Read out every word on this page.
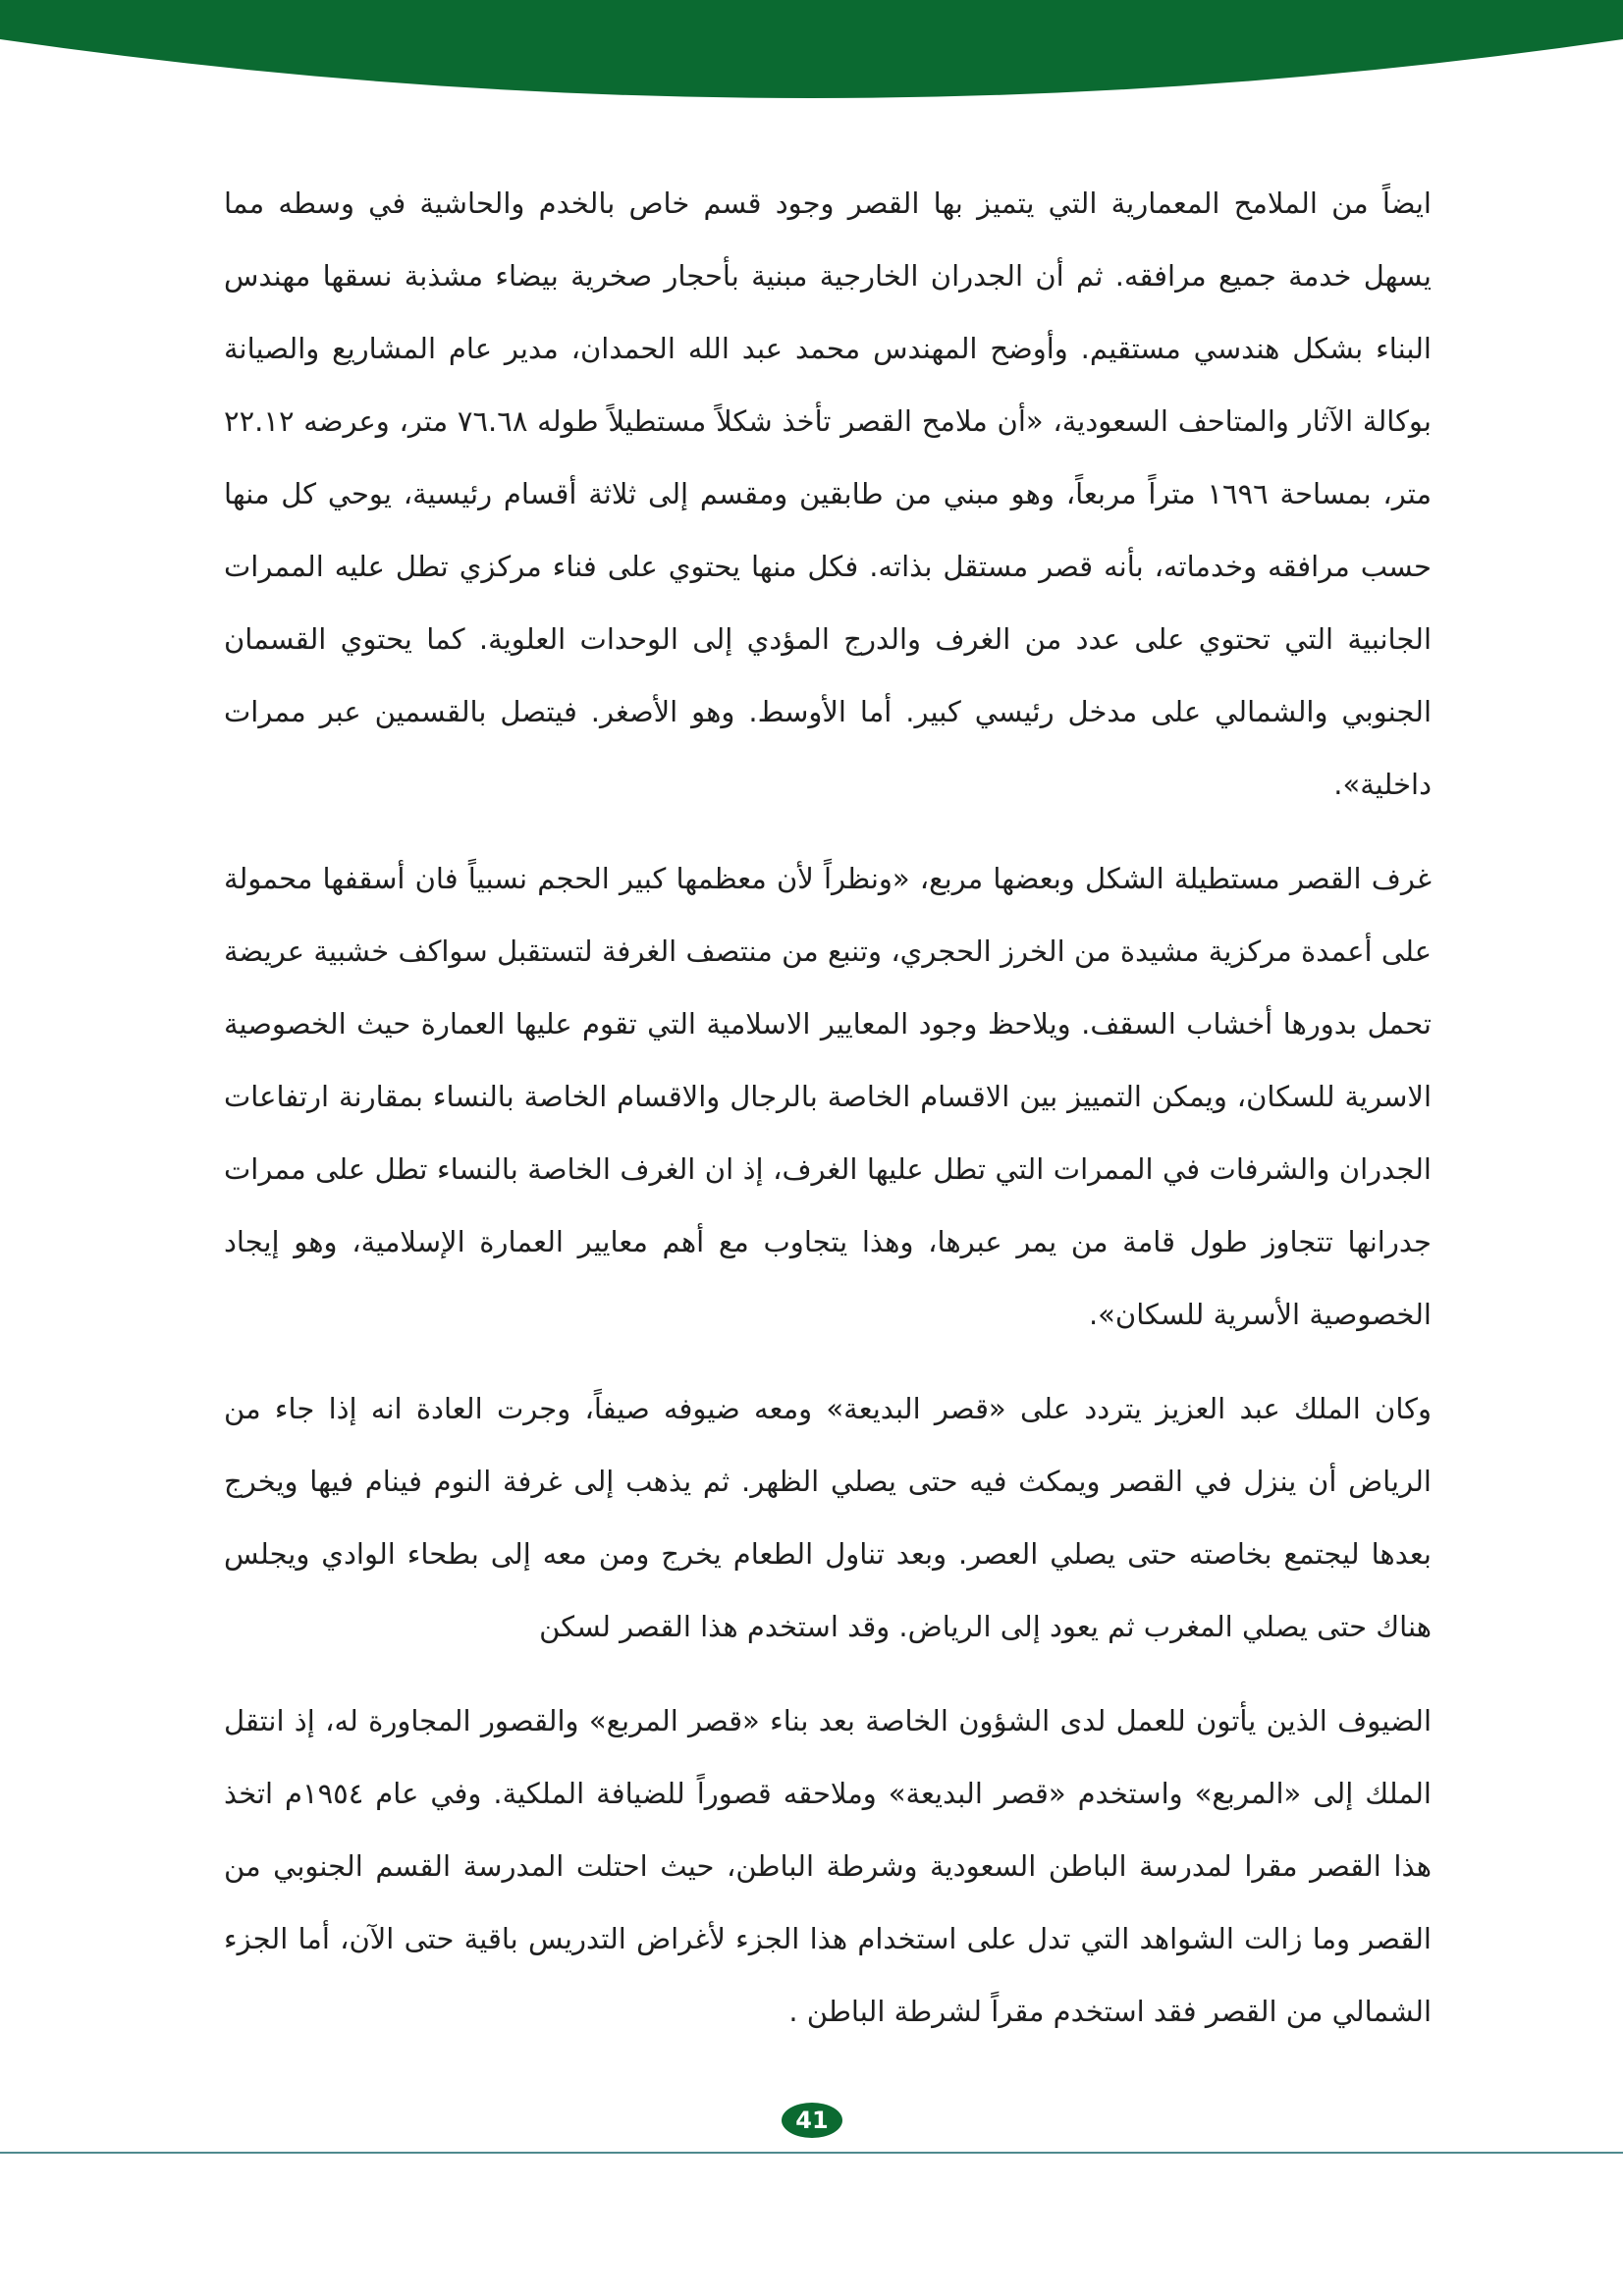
ايضاً من الملامح المعمارية التي يتميز بها القصر وجود قسم خاص بالخدم والحاشية في وسطه مما يسهل خدمة جميع مرافقه. ثم أن الجدران الخارجية مبنية بأحجار صخرية بيضاء مشذبة نسقها مهندس البناء بشكل هندسي مستقيم. وأوضح المهندس محمد عبد الله الحمدان، مدير عام المشاريع والصيانة بوكالة الآثار والمتاحف السعودية، «أن ملامح القصر تأخذ شكلاً مستطيلاً طوله ٧٦.٦٨ متر، وعرضه ٢٢.١٢ متر، بمساحة ١٦٩٦ متراً مربعاً، وهو مبني من طابقين ومقسم إلى ثلاثة أقسام رئيسية، يوحي كل منها حسب مرافقه وخدماته، بأنه قصر مستقل بذاته. فكل منها يحتوي على فناء مركزي تطل عليه الممرات الجانبية التي تحتوي على عدد من الغرف والدرج المؤدي إلى الوحدات العلوية. كما يحتوي القسمان الجنوبي والشمالي على مدخل رئيسي كبير. أما الأوسط. وهو الأصغر. فيتصل بالقسمين عبر ممرات داخلية».

غرف القصر مستطيلة الشكل وبعضها مربع، «ونظراً لأن معظمها كبير الحجم نسبياً فان أسقفها محمولة على أعمدة مركزية مشيدة من الخرز الحجري، وتنبع من منتصف الغرفة لتستقبل سواكف خشبية عريضة تحمل بدورها أخشاب السقف. ويلاحظ وجود المعايير الاسلامية التي تقوم عليها العمارة حيث الخصوصية الاسرية للسكان، ويمكن التمييز بين الاقسام الخاصة بالرجال والاقسام الخاصة بالنساء بمقارنة ارتفاعات الجدران والشرفات في الممرات التي تطل عليها الغرف، إذ ان الغرف الخاصة بالنساء تطل على ممرات جدرانها تتجاوز طول قامة من يمر عبرها، وهذا يتجاوب مع أهم معايير العمارة الإسلامية، وهو إيجاد الخصوصية الأسرية للسكان».

وكان الملك عبد العزيز يتردد على «قصر البديعة» ومعه ضيوفه صيفاً، وجرت العادة انه إذا جاء من الرياض أن ينزل في القصر ويمكث فيه حتى يصلي الظهر. ثم يذهب إلى غرفة النوم فينام فيها ويخرج بعدها ليجتمع بخاصته حتى يصلي العصر. وبعد تناول الطعام يخرج ومن معه إلى بطحاء الوادي ويجلس هناك حتى يصلي المغرب ثم يعود إلى الرياض. وقد استخدم هذا القصر لسكن

الضيوف الذين يأتون للعمل لدى الشؤون الخاصة بعد بناء «قصر المربع» والقصور المجاورة له، إذ انتقل الملك إلى «المربع» واستخدم «قصر البديعة» وملاحقه قصوراً للضيافة الملكية. وفي عام ١٩٥٤م اتخذ هذا القصر مقرا لمدرسة الباطن السعودية وشرطة الباطن، حيث احتلت المدرسة القسم الجنوبي من القصر وما زالت الشواهد التي تدل على استخدام هذا الجزء لأغراض التدريس باقية حتى الآن، أما الجزء الشمالي من القصر فقد استخدم مقراً لشرطة الباطن .

41
